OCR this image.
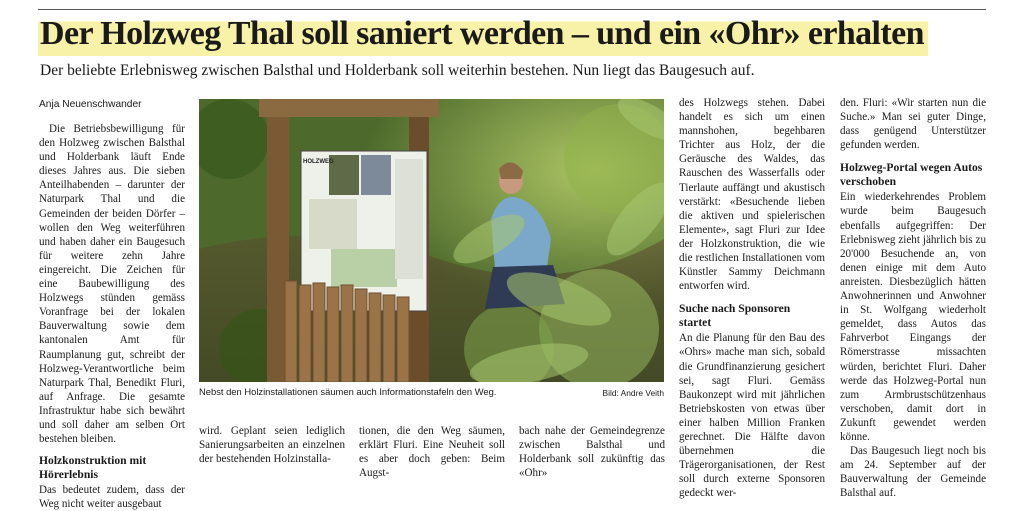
Der Holzweg Thal soll saniert werden – und ein «Ohr» erhalten
Der beliebte Erlebnisweg zwischen Balsthal und Holderbank soll weiterhin bestehen. Nun liegt das Baugesuch auf.

Anja Neuenschwander

Die Betriebsbewilligung für den Holzweg zwischen Balsthal und Holderbank läuft Ende dieses Jahres aus. Die sieben Anteilhabenden – darunter der Naturpark Thal und die Gemeinden der beiden Dörfer – wollen den Weg weiterführen und haben daher ein Baugesuch für weitere zehn Jahre eingereicht. Die Zeichen für eine Baubewilligung des Holzwegs stünden gemäss Voranfrage bei der lokalen Bauverwaltung sowie dem kantonalen Amt für Raumplanung gut, schreibt der Holzweg-Verantwortliche beim Naturpark Thal, Benedikt Fluri, auf Anfrage. Die gesamte Infrastruktur habe sich bewährt und soll daher am selben Ort bestehen bleiben.

Holzkonstruktion mit Hörerlebnis

Das bedeutet zudem, dass der Weg nicht weiter ausgebaut

HOLZWEG
Nebst den Holzinstallationen säumen auch Informationstafeln den Weg.	Bild: Andre Veith
wird. Geplant seien lediglich Sanierungsarbeiten an einzelnen der bestehenden Holzinstalla-
tionen, die den Weg säumen, erklärt Fluri. Eine Neuheit soll es aber doch geben: Beim Augst-
bach nahe der Gemeindegrenze zwischen Balsthal und Holderbank soll zukünftig das «Ohr»

des Holzwegs stehen. Dabei handelt es sich um einen mannshohen, begehbaren Trichter aus Holz, der die Geräusche des Waldes, das Rauschen des Wasserfalls oder Tierlaute auffängt und akustisch verstärkt: «Besuchende lieben die aktiven und spielerischen Elemente», sagt Fluri zur Idee der Holzkonstruktion, die wie die restlichen Installationen vom Künstler Sammy Deichmann entworfen wird.

Suche nach Sponsoren startet

An die Planung für den Bau des «Ohrs» mache man sich, sobald die Grundfinanzierung gesichert sei, sagt Fluri. Gemäss Baukonzept wird mit jährlichen Betriebskosten von etwas über einer halben Million Franken gerechnet. Die Hälfte davon übernehmen die Trägerorganisationen, der Rest soll durch externe Sponsoren gedeckt wer-

den. Fluri: «Wir starten nun die Suche.» Man sei guter Dinge, dass genügend Unterstützer gefunden werden.

Holzweg-Portal wegen Autos verschoben

Ein wiederkehrendes Problem wurde beim Baugesuch ebenfalls aufgegriffen: Der Erlebnisweg zieht jährlich bis zu 20'000 Besuchende an, von denen einige mit dem Auto anreisten. Diesbezüglich hätten Anwohnerinnen und Anwohner in St. Wolfgang wiederholt gemeldet, dass Autos das Fahrverbot Eingangs der Römerstrasse missachten würden, berichtet Fluri. Daher werde das Holzweg-Portal nun zum Armbrustschützenhaus verschoben, damit dort in Zukunft gewendet werden könne.

Das Baugesuch liegt noch bis am 24. September auf der Bauverwaltung der Gemeinde Balsthal auf.
